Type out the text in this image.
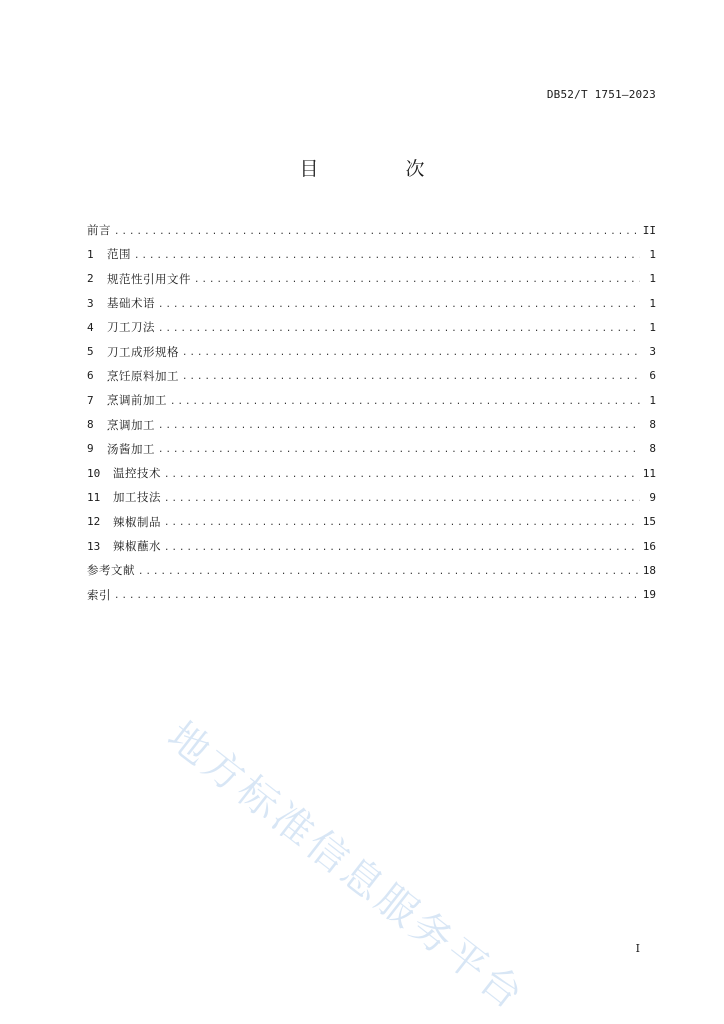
DB52/T 1751—2023
目　次
前言 .....	II
1	范围 .....	1
2	规范性引用文件 .....	1
3	基础术语 .....	1
4	刀工刀法 .....	1
5	刀工成形规格 .....	3
6	烹饪原料加工 .....	6
7	烹调前加工 .....	1
8	烹调加工 .....	8
9	汤酱加工 .....	8
10	温控技术 .....	11
11	加工技法 .....	9
12	辣椒制品 .....	15
13	辣椒蘸水 .....	16
参考文献 .....	18
索引 .....	19
地方标准信息服务平台	I
